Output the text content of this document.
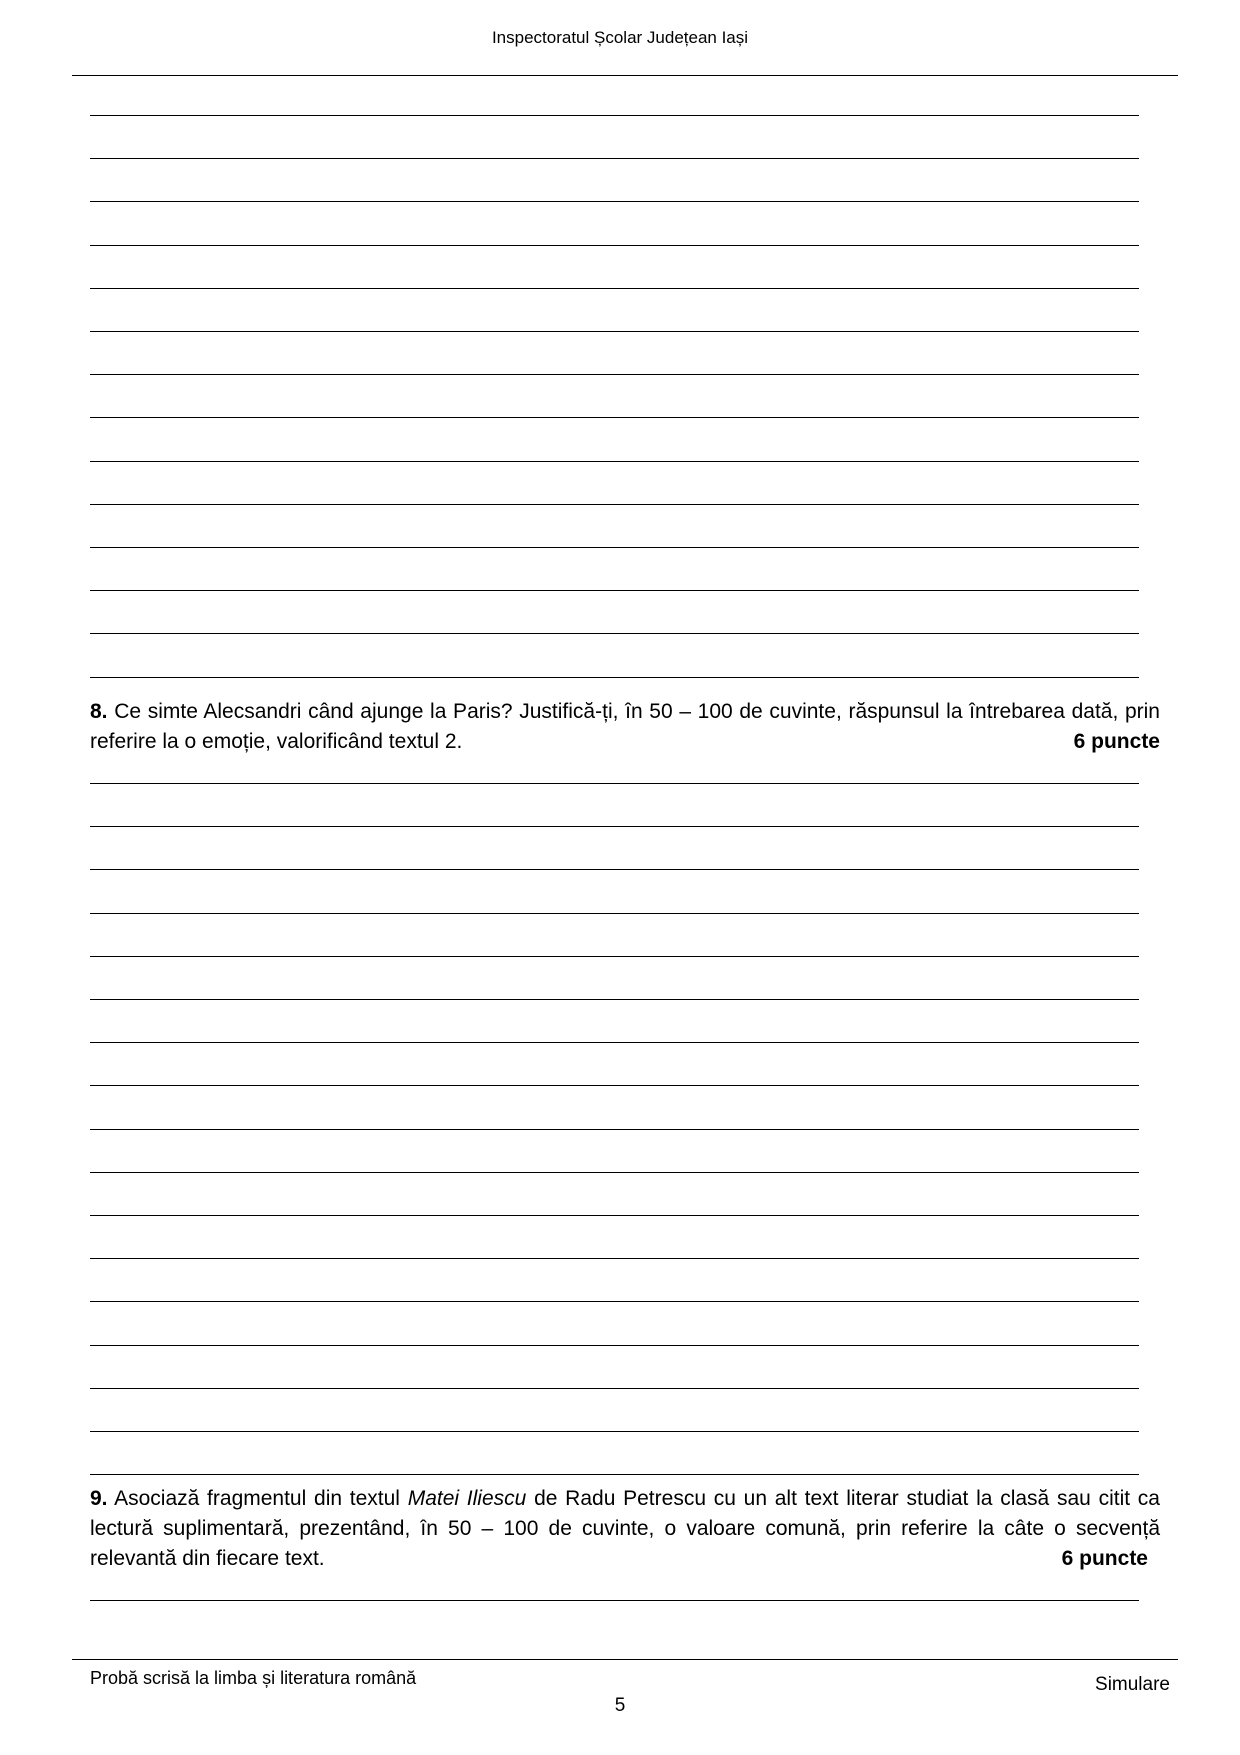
Inspectoratul Școlar Județean Iași
8. Ce simte Alecsandri când ajunge la Paris? Justifică-ți, în 50 – 100 de cuvinte, răspunsul la întrebarea dată, prin referire la o emoție, valorificând textul 2.	6 puncte
9. Asociază fragmentul din textul Matei Iliescu de Radu Petrescu cu un alt text literar studiat la clasă sau citit ca lectură suplimentară, prezentând, în 50 – 100 de cuvinte, o valoare comună, prin referire la câte o secvență relevantă din fiecare text.	6 puncte
Probă scrisă la limba și literatura română
5
Simulare
